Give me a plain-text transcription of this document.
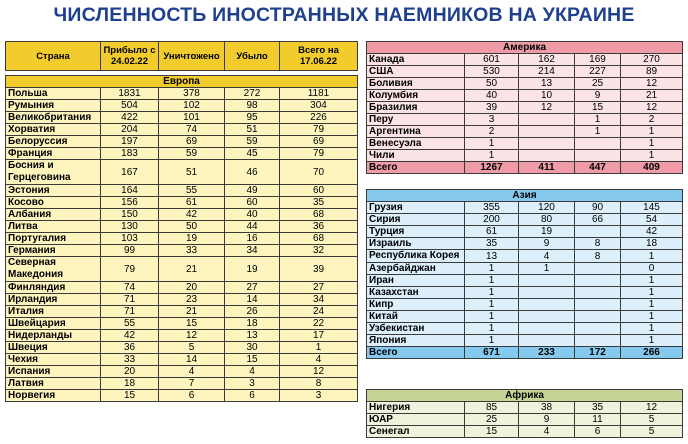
ЧИСЛЕННОСТЬ ИНОСТРАННЫХ НАЕМНИКОВ НА УКРАИНЕ
Страна	Прибыло с 24.02.22	Уничтожено	Убыло	Всего на 17.06.22

Европа				
Польша	1831	378	272	1181
Румыния	504	102	98	304
Великобритания	422	101	95	226
Хорватия	204	74	51	79
Белоруссия	197	69	59	69
Франция	183	59	45	79
Босния и Герцеговина	167	51	46	70
Эстония	164	55	49	60
Косово	156	61	60	35
Албания	150	42	40	68
Литва	130	50	44	36
Португалия	103	19	16	68
Германия	99	33	34	32
Северная Македония	79	21	19	39
Финляндия	74	20	27	27
Ирландия	71	23	14	34
Италия	71	21	26	24
Швейцария	55	15	18	22
Нидерланды	42	12	13	17
Швеция	36	5	30	1
Чехия	33	14	15	4
Испания	20	4	4	12
Латвия	18	7	3	8
Норвегия	15	6	6	3
Америка				
Канада	601	162	169	270
США	530	214	227	89
Боливия	50	13	25	12
Колумбия	40	10	9	21
Бразилия	39	12	15	12
Перу	3		1	2
Аргентина	2		1	1
Венесуэла	1			1
Чили	1			1
Всего	1267	411	447	409
Азия				
Грузия	355	120	90	145
Сирия	200	80	66	54
Турция	61	19		42
Израиль	35	9	8	18
Республика Корея	13	4	8	1
Азербайджан	1	1		0
Иран	1			1
Казахстан	1			1
Кипр	1			1
Китай	1			1
Узбекистан	1			1
Япония	1			1
Всего	671	233	172	266
Африка				
Нигерия	85	38	35	12
ЮАР	25	9	11	5
Сенегал	15	4	6	5
